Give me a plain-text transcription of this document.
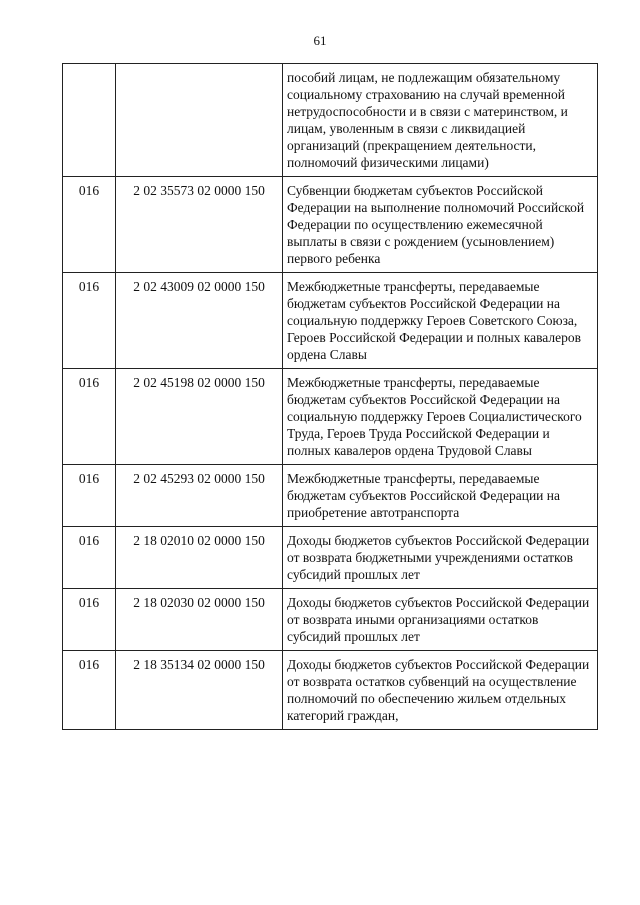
61
		пособий лицам, не подлежащим обязательному социальному страхованию на случай временной нетрудоспособности и в связи с материнством, и лицам, уволенным в связи с ликвидацией организаций (прекращением деятельности, полномочий физическими лицами)
016	2 02 35573 02 0000 150	Субвенции бюджетам субъектов Российской Федерации на выполнение полномочий Российской Федерации по осуществлению ежемесячной выплаты в связи с рождением (усыновлением) первого ребенка
016	2 02 43009 02 0000 150	Межбюджетные трансферты, передаваемые бюджетам субъектов Российской Федерации на социальную поддержку Героев Советского Союза, Героев Российской Федерации и полных кавалеров ордена Славы
016	2 02 45198 02 0000 150	Межбюджетные трансферты, передаваемые бюджетам субъектов Российской Федерации на социальную поддержку Героев Социалистического Труда, Героев Труда Российской Федерации и полных кавалеров ордена Трудовой Славы
016	2 02 45293 02 0000 150	Межбюджетные трансферты, передаваемые бюджетам субъектов Российской Федерации на приобретение автотранспорта
016	2 18 02010 02 0000 150	Доходы бюджетов субъектов Российской Федерации от возврата бюджетными учреждениями остатков субсидий прошлых лет
016	2 18 02030 02 0000 150	Доходы бюджетов субъектов Российской Федерации от возврата иными организациями остатков субсидий прошлых лет
016	2 18 35134 02 0000 150	Доходы бюджетов субъектов Российской Федерации от возврата остатков субвенций на осуществление полномочий по обеспечению жильем отдельных категорий граждан,
